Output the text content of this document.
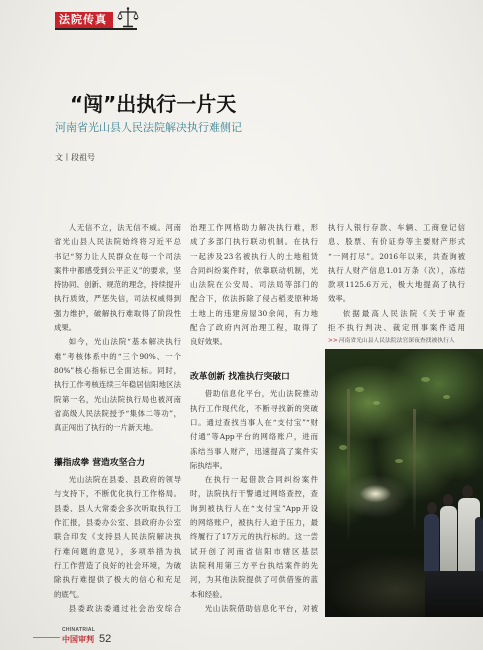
法院传真
“闯”出执行一片天
河南省光山县人民法院解决执行难侧记
文丨段祖号
人无信不立，法无信不威。河南
省光山县人民法院始终将习近平总
书记“努力让人民群众在每一个司法
案件中都感受到公平正义”的要求，坚
持协同、创新、规范的理念，持续提升
执行质效，严惩失信，司法权威得到
强力维护，破解执行难取得了阶段性
成果。
如今，光山法院“基本解决执行
难”考核体系中的“三个90%、一个
80%”核心指标已全面达标。同时，
执行工作考核连续三年稳居信阳地区法
院第一名，光山法院执行局也被河南
省高级人民法院授予“集体二等功”，
真正闯出了执行的一片新天地。
攥指成拳 营造攻坚合力
光山法院在县委、县政府的领导
与支持下，不断优化执行工作格局。
县委、县人大常委会多次听取执行工
作汇报，县委办公室、县政府办公室
联合印发《支持县人民法院解决执
行难问题的意见》，多项举措为执
行工作营造了良好的社会环境，为破
除执行难提供了极大的信心和充足
的底气。
县委政法委通过社会治安综合
治理工作网格助力解决执行难，形
成了多部门执行联动机制。在执行
一起涉及23名被执行人的土地租赁
合同纠纷案件时，依靠联动机制，光
山法院在公安局、司法局等部门的
配合下，依法拆除了侵占稻麦原种场
土地上的违建房屋30余间，有力地
配合了政府内河治理工程，取得了
良好效果。
改革创新 找准执行突破口
借助信息化平台，光山法院推动
执行工作现代化，不断寻找新的突破
口。通过查找当事人在“支付宝”“财
付通”等App平台的网络账户，进而
冻结当事人财产，迅速提高了案件实
际执结率。
在执行一起借款合同纠纷案件
时，法院执行干警通过网络查控，查
询到被执行人在“支付宝”App开设
的网络账户，被执行人迫于压力，最
终履行了17万元的执行标的。这一尝
试开创了河南省信阳市辖区基层
法院利用第三方平台执结案件的先
河，为其他法院提供了可供借鉴的蓝
本和经验。
光山法院借助信息化平台，对被
执行人银行存款、车辆、工商登记信
息、股票、有价证券等主要财产形式
“一网打尽”。2016年以来，共查询被
执行人财产信息1.01万条（次），冻结
款项1125.6万元，极大地提高了执行
效率。
依据最高人民法院《关于审查
拒不执行判决、裁定刑事案件适用
>>河南省光山县人民法院法官深夜查找被执行人
CHINATRIAL
中国审判 52
